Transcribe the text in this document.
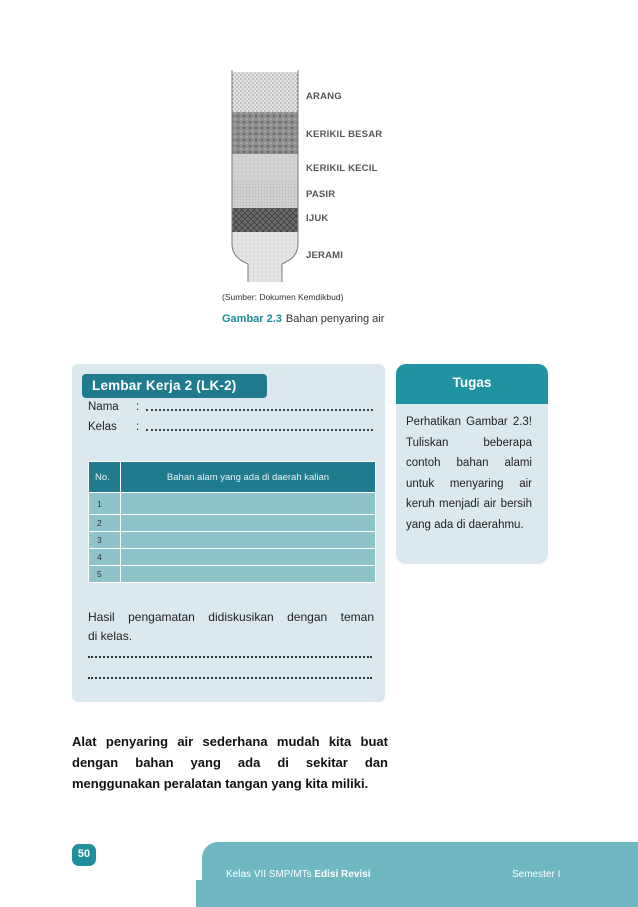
ARANG
KERIKIL BESAR
KERIKIL KECIL
PASIR
IJUK
JERAMI
(Sumber: Dokumen Kemdikbud)
Gambar 2.3 Bahan penyaring air
Lembar Kerja 2 (LK-2)
Nama :
Kelas :
No.	Bahan alam yang ada di daerah kalian
1	
2	
3	
4	
5	
Hasil pengamatan didiskusikan dengan teman
di kelas.
Tugas
Perhatikan Gambar 2.3! Tuliskan beberapa contoh bahan alami untuk menyaring air keruh menjadi air bersih yang ada di daerahmu.
Alat penyaring air sederhana mudah kita buat dengan bahan yang ada di sekitar dan menggunakan peralatan tangan yang kita miliki.
50
Kelas VII SMP/MTs Edisi Revisi	Semester I
